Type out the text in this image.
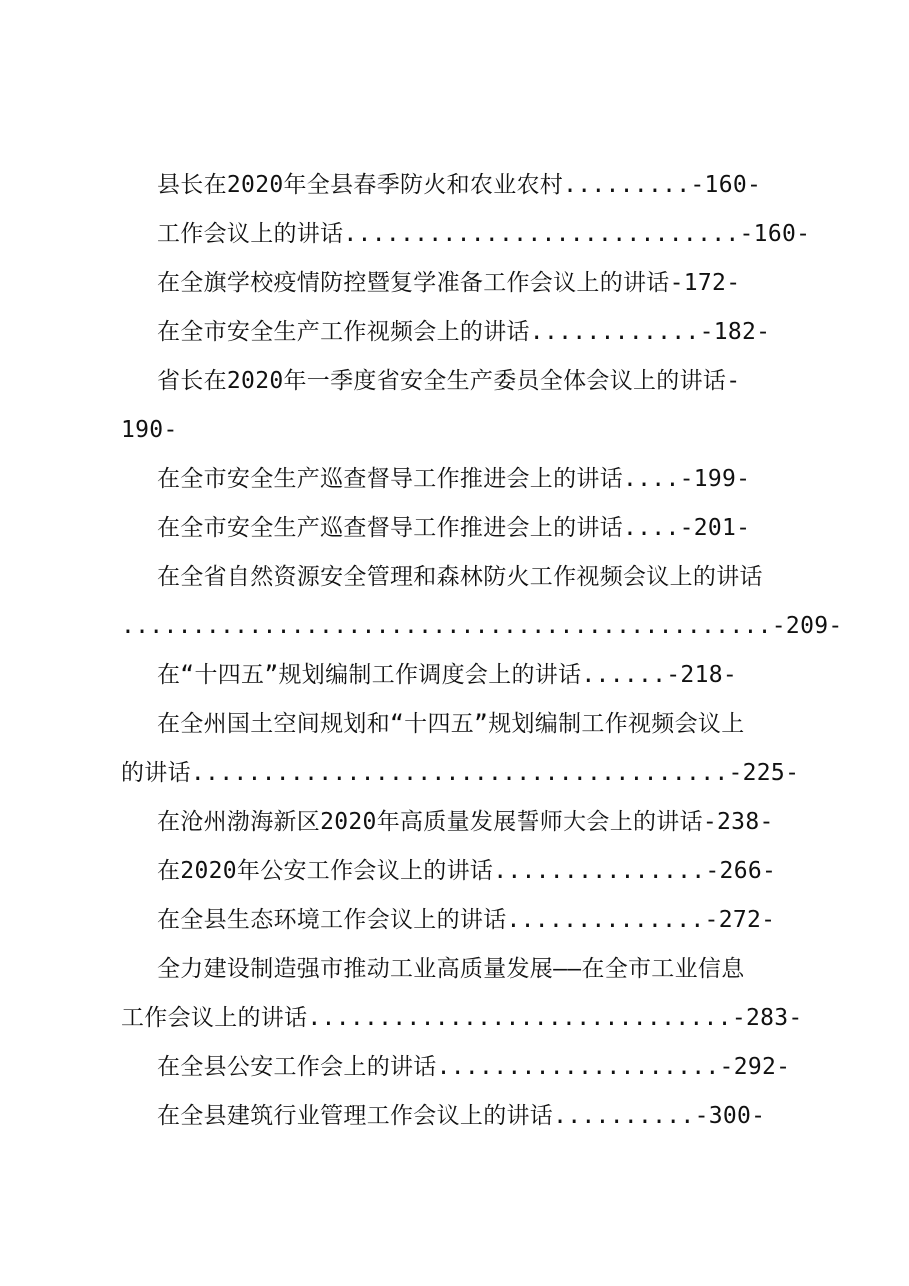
县长在2020年全县春季防火和农业农村.........-160-
工作会议上的讲话............................-160-
在全旗学校疫情防控暨复学准备工作会议上的讲话-172-
在全市安全生产工作视频会上的讲话............-182-
省长在2020年一季度省安全生产委员全体会议上的讲话-
190-
在全市安全生产巡查督导工作推进会上的讲话....-199-
在全市安全生产巡查督导工作推进会上的讲话....-201-
在全省自然资源安全管理和森林防火工作视频会议上的讲话
..............................................-209-
在“十四五”规划编制工作调度会上的讲话......-218-
在全州国土空间规划和“十四五”规划编制工作视频会议上
的讲话......................................-225-
在沧州渤海新区2020年高质量发展誓师大会上的讲话-238-
在2020年公安工作会议上的讲话...............-266-
在全县生态环境工作会议上的讲话..............-272-
全力建设制造强市推动工业高质量发展——在全市工业信息
工作会议上的讲话..............................-283-
在全县公安工作会上的讲话....................-292-
在全县建筑行业管理工作会议上的讲话..........-300-
